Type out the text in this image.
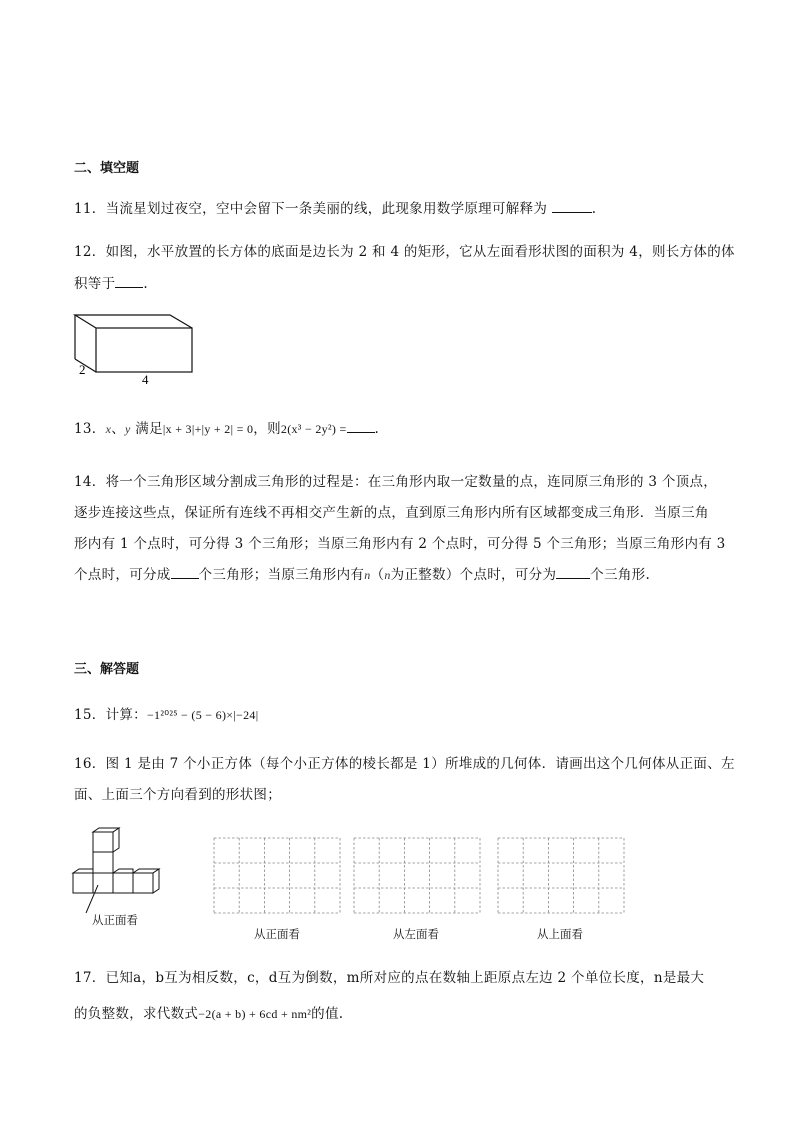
二、填空题
11．当流星划过夜空，空中会留下一条美丽的线，此现象用数学原理可解释为	.
12．如图，水平放置的长方体的底面是边长为 2 和 4 的矩形，它从左面看形状图的面积为 4，则长方体的体
积等于 .
2
4
13．x、y 满足|x + 3|+|y + 2| = 0，则2(x³ − 2y²) = .
14．将一个三角形区域分割成三角形的过程是：在三角形内取一定数量的点，连同原三角形的 3 个顶点，
逐步连接这些点，保证所有连线不再相交产生新的点，直到原三角形内所有区域都变成三角形．当原三角
形内有 1 个点时，可分得 3 个三角形；当原三角形内有 2 个点时，可分得 5 个三角形；当原三角形内有 3
个点时，可分成 个三角形；当原三角形内有n（n为正整数）个点时，可分为	个三角形.
三、解答题
15．计算：−1²⁰²⁵ − (5 − 6)×|−24|
16．图 1 是由 7 个小正方体（每个小正方体的棱长都是 1）所堆成的几何体．请画出这个几何体从正面、左
面、上面三个方向看到的形状图；
从正面看
从正面看	从左面看	从上面看
17．已知a，b互为相反数，c，d互为倒数，m所对应的点在数轴上距原点左边 2 个单位长度，n是最大
的负整数，求代数式−2(a + b) + 6cd + nm²的值.
